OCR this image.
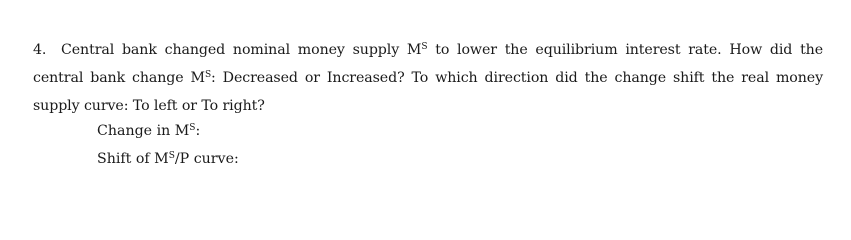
4. Central bank changed nominal money supply $M^S$ to lower the equilibrium interest rate. How did the
central bank change $M^S$: Decreased or Increased? To which direction did the change shift the real money
supply curve: To left or To right?
Change in $M^S$:
Shift of $M^S/P$ curve:
